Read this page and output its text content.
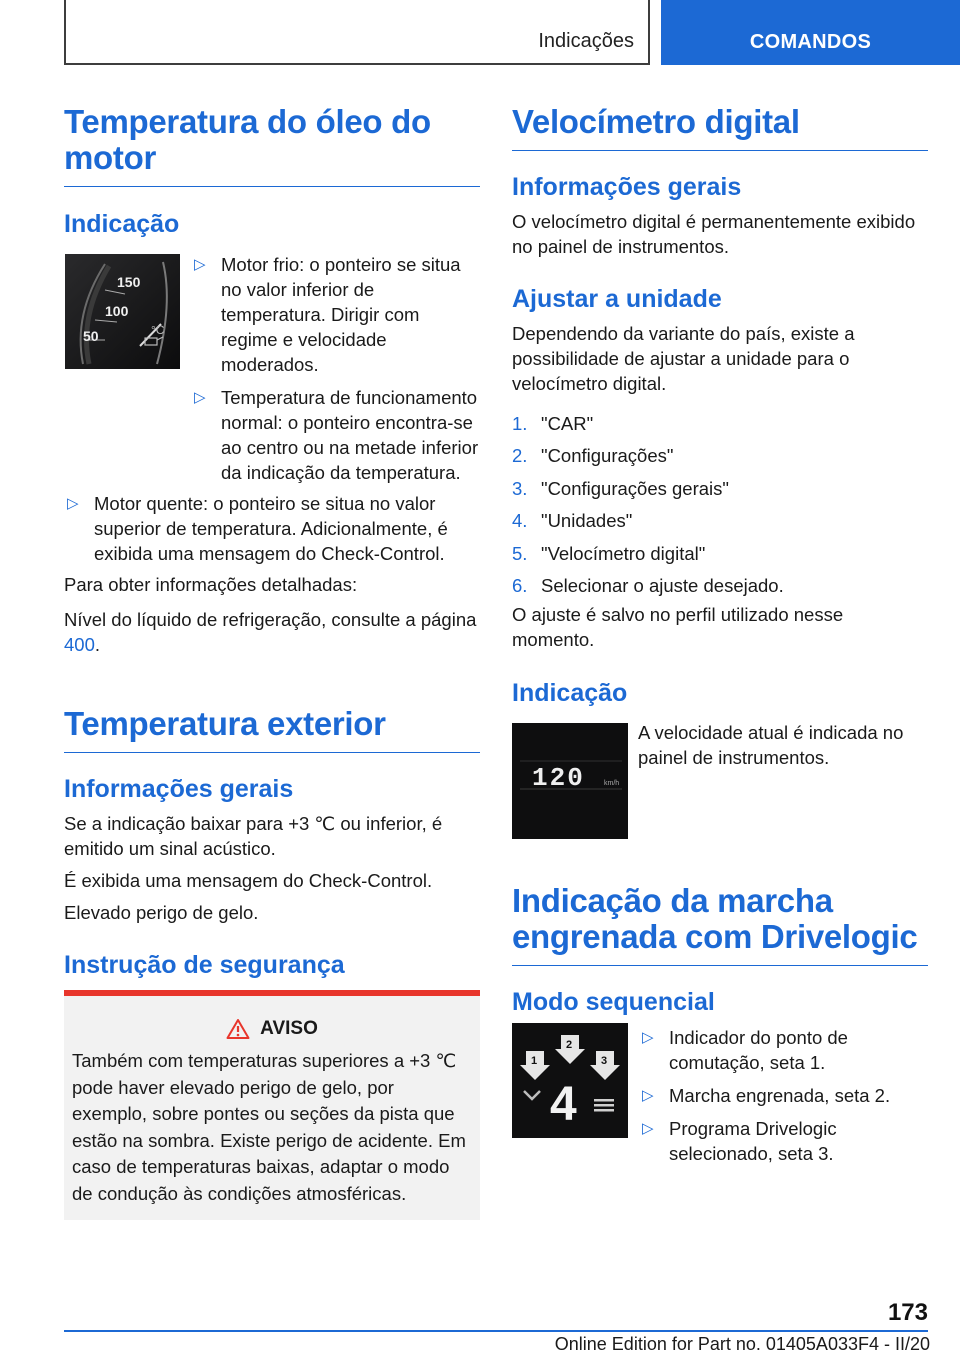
Indicações	COMANDOS
Temperatura do óleo do motor
Indicação
150
100
50	°C
▷ Motor frio: o ponteiro se situa no valor inferior de temperatura. Dirigir com regime e velocidade moderados.
▷ Temperatura de funcionamento normal: o ponteiro encontra-se ao centro ou na metade inferior da indicação da temperatura.
▷ Motor quente: o ponteiro se situa no valor superior de temperatura. Adicionalmente, é exibida uma mensagem do Check-Control.
Para obter informações detalhadas:
Nível do líquido de refrigeração, consulte a página 400.
Temperatura exterior
Informações gerais
Se a indicação baixar para +3 ℃ ou inferior, é emitido um sinal acústico.
É exibida uma mensagem do Check-Control.
Elevado perigo de gelo.
Instrução de segurança
AVISO
Também com temperaturas superiores a +3 ℃ pode haver elevado perigo de gelo, por exemplo, sobre pontes ou seções da pista que estão na sombra. Existe perigo de acidente. Em caso de temperaturas baixas, adaptar o modo de condução às condições atmosféricas.
Velocímetro digital
Informações gerais
O velocímetro digital é permanentemente exibido no painel de instrumentos.
Ajustar a unidade
Dependendo da variante do país, existe a possibilidade de ajustar a unidade para o velocímetro digital.
1. "CAR"
2. "Configurações"
3. "Configurações gerais"
4. "Unidades"
5. "Velocímetro digital"
6. Selecionar o ajuste desejado.
O ajuste é salvo no perfil utilizado nesse momento.
Indicação
120	km/h
A velocidade atual é indicada no painel de instrumentos.
Indicação da marcha engrenada com Drivelogic
Modo sequencial
1
2
3
4
▷ Indicador do ponto de comutação, seta 1.
▷ Marcha engrenada, seta 2.
▷ Programa Drivelogic selecionado, seta 3.
173
Online Edition for Part no. 01405A033F4 - II/20
